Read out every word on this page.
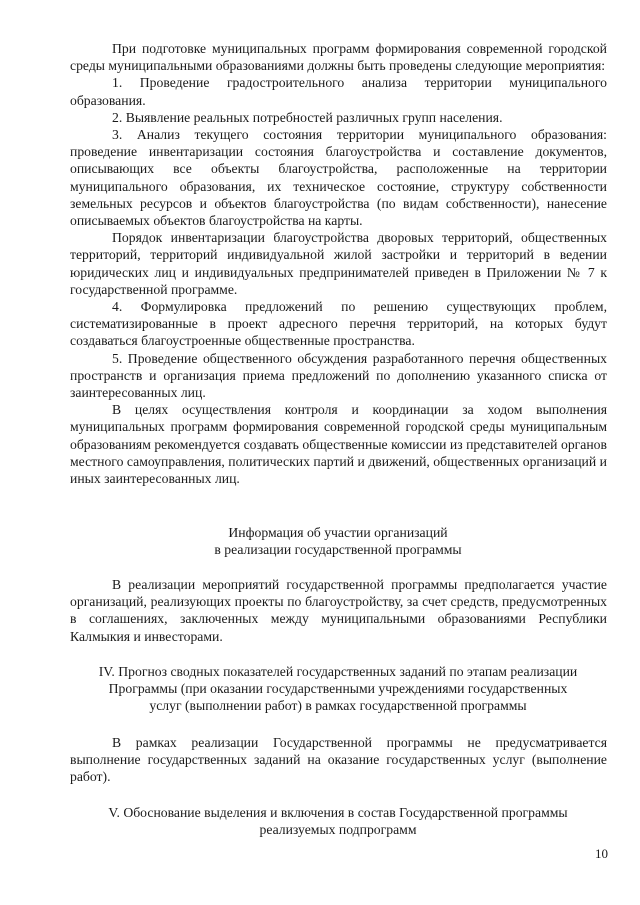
При подготовке муниципальных программ формирования современной городской среды муниципальными образованиями должны быть проведены следующие мероприятия:

1. Проведение градостроительного анализа территории муниципального образования.

2. Выявление реальных потребностей различных групп населения.

3. Анализ текущего состояния территории муниципального образования: проведение инвентаризации состояния благоустройства и составление документов, описывающих все объекты благоустройства, расположенные на территории муниципального образования, их техническое состояние, структуру собственности земельных ресурсов и объектов благоустройства (по видам собственности), нанесение описываемых объектов благоустройства на карты.

Порядок инвентаризации благоустройства дворовых территорий, общественных территорий, территорий индивидуальной жилой застройки и территорий в ведении юридических лиц и индивидуальных предпринимателей приведен в Приложении № 7 к государственной программе.

4. Формулировка предложений по решению существующих проблем, систематизированные в проект адресного перечня территорий, на которых будут создаваться благоустроенные общественные пространства.

5. Проведение общественного обсуждения разработанного перечня общественных пространств и организация приема предложений по дополнению указанного списка от заинтересованных лиц.

В целях осуществления контроля и координации за ходом выполнения муниципальных программ формирования современной городской среды муниципальным образованиям рекомендуется создавать общественные комиссии из представителей органов местного самоуправления, политических партий и движений, общественных организаций и иных заинтересованных лиц.

Информация об участии организаций

в реализации государственной программы

В реализации мероприятий государственной программы предполагается участие организаций, реализующих проекты по благоустройству, за счет средств, предусмотренных в соглашениях, заключенных между муниципальными образованиями Республики Калмыкия и инвесторами.

IV. Прогноз сводных показателей государственных заданий по этапам реализации

Программы (при оказании государственными учреждениями государственных

услуг (выполнении работ) в рамках государственной программы

В рамках реализации Государственной программы не предусматривается выполнение государственных заданий на оказание государственных услуг (выполнение работ).

V. Обоснование выделения и включения в состав Государственной программы

реализуемых подпрограмм

10
